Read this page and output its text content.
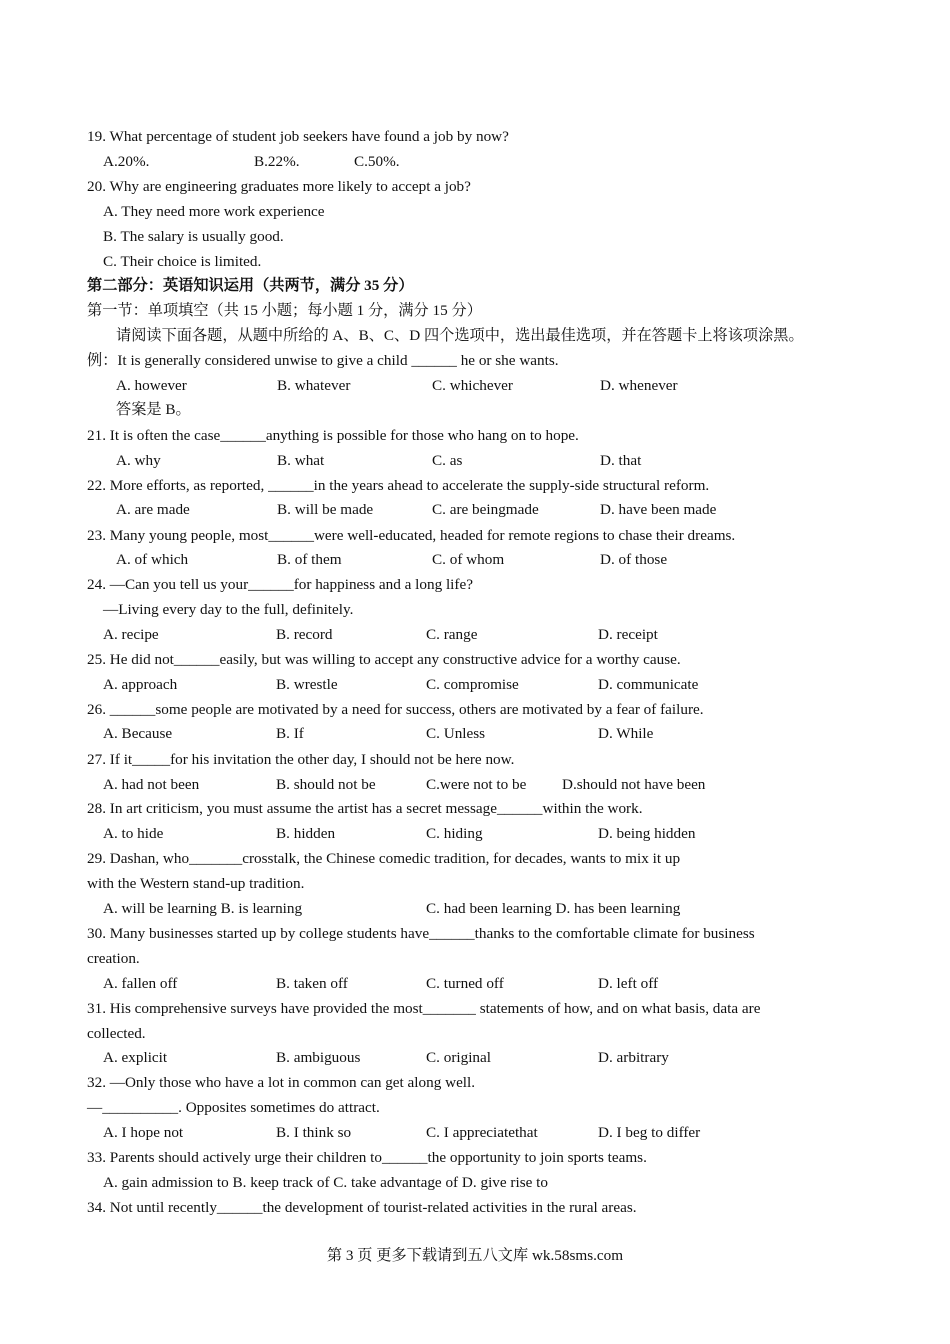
19. What percentage of student job seekers have found a job by now?
A.20%.	B.22%.	C.50%.
20. Why are engineering graduates more likely to accept a job?
A. They need more work experience
B. The salary is usually good.
C. Their choice is limited.
第二部分：英语知识运用（共两节，满分 35 分）
第一节：单项填空（共 15 小题；每小题 1 分，满分 15 分）
请阅读下面各题，从题中所给的 A、B、C、D 四个选项中，选出最佳选项，并在答题卡上将该项涂黑。
例：It is generally considered unwise to give a child ______ he or she wants.
A. however	B. whatever	C. whichever	D. whenever
答案是 B。
21. It is often the case______anything is possible for those who hang on to hope.
A. why	B. what	C. as	D. that
22. More efforts, as reported, ______in the years ahead to accelerate the supply-side structural reform.
A. are made	B. will be made	C. are beingmade	D. have been made
23. Many young people, most______were well-educated, headed for remote regions to chase their dreams.
A. of which	B. of them	C. of whom	D. of those
24. —Can you tell us your______for happiness and a long life?
—Living every day to the full, definitely.
A. recipe	B. record	C. range	D. receipt
25. He did not______easily, but was willing to accept any constructive advice for a worthy cause.
A. approach	B. wrestle	C. compromise	D. communicate
26. ______some people are motivated by a need for success, others are motivated by a fear of failure.
A. Because	B. If	C. Unless	D. While
27. If it_____for his invitation the other day, I should not be here now.
A. had not been	B. should not be	C.were not to be D.should not have been
28. In art criticism, you must assume the artist has a secret message______within the work.
A. to hide	B. hidden	C. hiding	D. being hidden
29. Dashan, who_______crosstalk, the Chinese comedic tradition, for decades, wants to mix it up
with the Western stand-up tradition.
A. will be learning B. is learning	C. had been learning D. has been learning
30. Many businesses started up by college students have______thanks to the comfortable climate for business
creation.
A. fallen off	B. taken off	C. turned off	D. left off
31. His comprehensive surveys have provided the most_______ statements of how, and on what basis, data are
collected.
A. explicit	B. ambiguous	C. original	D. arbitrary
32. —Only those who have a lot in common can get along well.
—__________. Opposites sometimes do attract.
A. I hope not	B. I think so	C. I appreciatethat	D. I beg to differ
33. Parents should actively urge their children to______the opportunity to join sports teams.
A. gain admission to B. keep track of C. take advantage of D. give rise to
34. Not until recently______the development of tourist-related activities in the rural areas.
第 3 页 更多下载请到五八文库 wk.58sms.com
